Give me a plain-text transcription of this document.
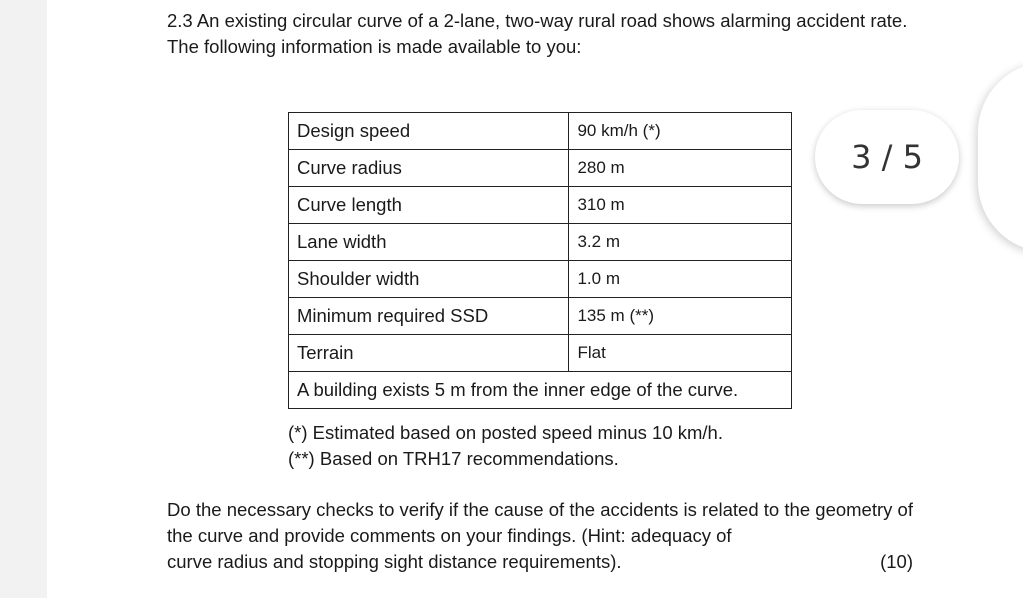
2.3 An existing circular curve of a 2-lane, two-way rural road shows alarming accident rate. The following information is made available to you:

Design speed	90 km/h (*)
Curve radius	280 m
Curve length	310 m
Lane width	3.2 m
Shoulder width	1.0 m
Minimum required SSD	135 m (**)
Terrain	Flat
A building exists 5 m from the inner edge of the curve.	
(*) Estimated based on posted speed minus 10 km/h.
(**) Based on TRH17 recommendations.

Do the necessary checks to verify if the cause of the accidents is related to the geometry of the curve and provide comments on your findings. (Hint: adequacy of

curve radius and stopping sight distance requirements).	(10)
3 / 5
